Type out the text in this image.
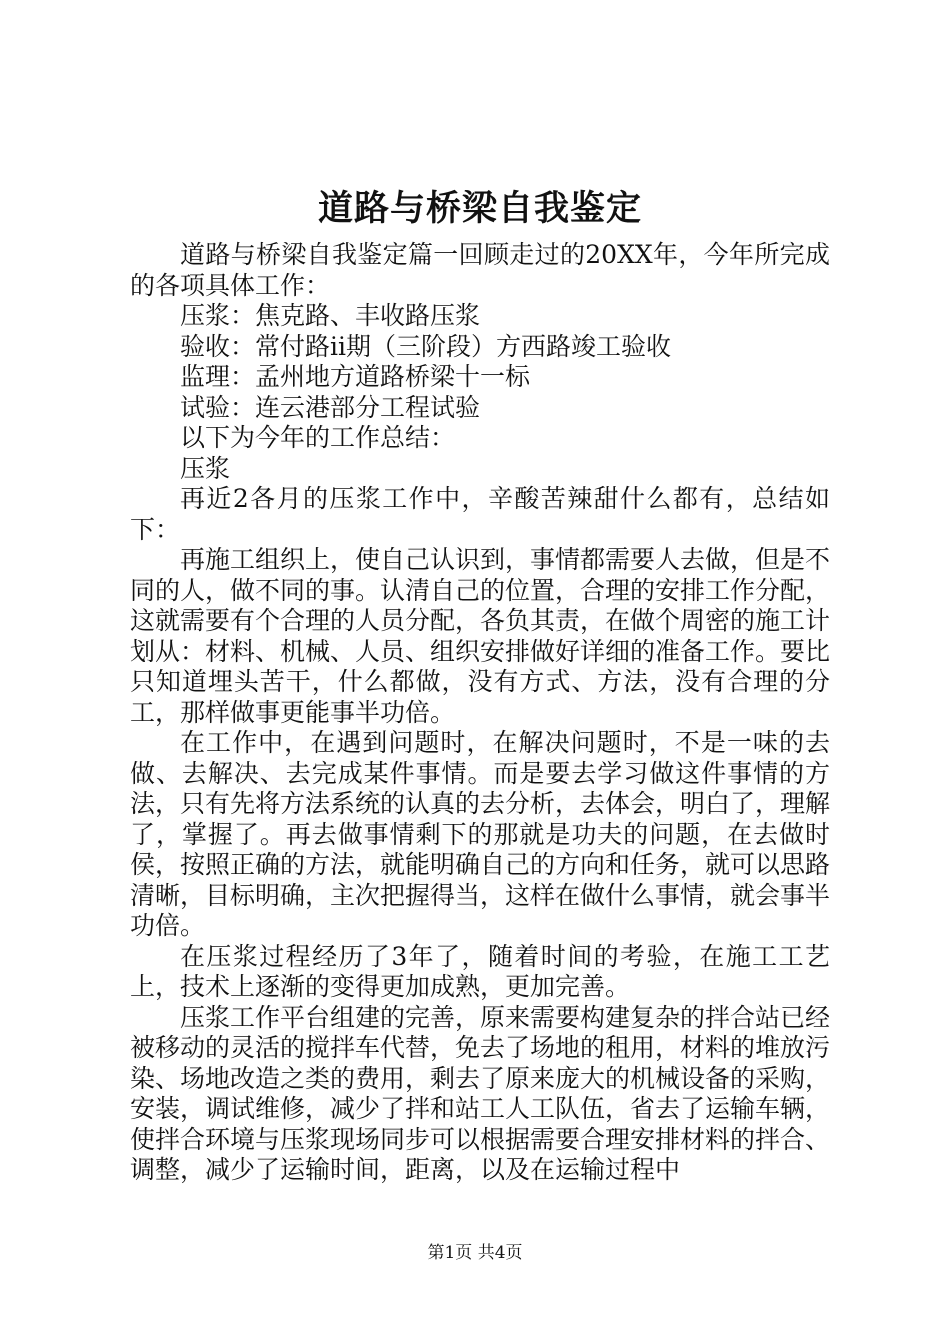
道路与桥梁自我鉴定

道路与桥梁自我鉴定篇一回顾走过的20XX年，今年所完成的各项具体工作：

压浆：焦克路、丰收路压浆

验收：常付路ii期（三阶段）方西路竣工验收

监理：孟州地方道路桥梁十一标

试验：连云港部分工程试验

以下为今年的工作总结：

压浆

再近2各月的压浆工作中，辛酸苦辣甜什么都有，总结如下：

再施工组织上，使自己认识到，事情都需要人去做，但是不同的人，做不同的事。认清自己的位置，合理的安排工作分配，这就需要有个合理的人员分配，各负其责，在做个周密的施工计划从：材料、机械、人员、组织安排做好详细的准备工作。要比只知道埋头苦干，什么都做，没有方式、方法，没有合理的分工，那样做事更能事半功倍。

在工作中，在遇到问题时，在解决问题时，不是一味的去做、去解决、去完成某件事情。而是要去学习做这件事情的方法，只有先将方法系统的认真的去分析，去体会，明白了，理解了，掌握了。再去做事情剩下的那就是功夫的问题，在去做时侯，按照正确的方法，就能明确自己的方向和任务，就可以思路清晰，目标明确，主次把握得当，这样在做什么事情，就会事半功倍。

在压浆过程经历了3年了，随着时间的考验，在施工工艺上，技术上逐渐的变得更加成熟，更加完善。

压浆工作平台组建的完善，原来需要构建复杂的拌合站已经被移动的灵活的搅拌车代替，免去了场地的租用，材料的堆放污染、场地改造之类的费用，剩去了原来庞大的机械设备的采购，安装，调试维修，减少了拌和站工人工队伍，省去了运输车辆，使拌合环境与压浆现场同步可以根据需要合理安排材料的拌合、调整，减少了运输时间，距离，以及在运输过程中

第1页 共4页
